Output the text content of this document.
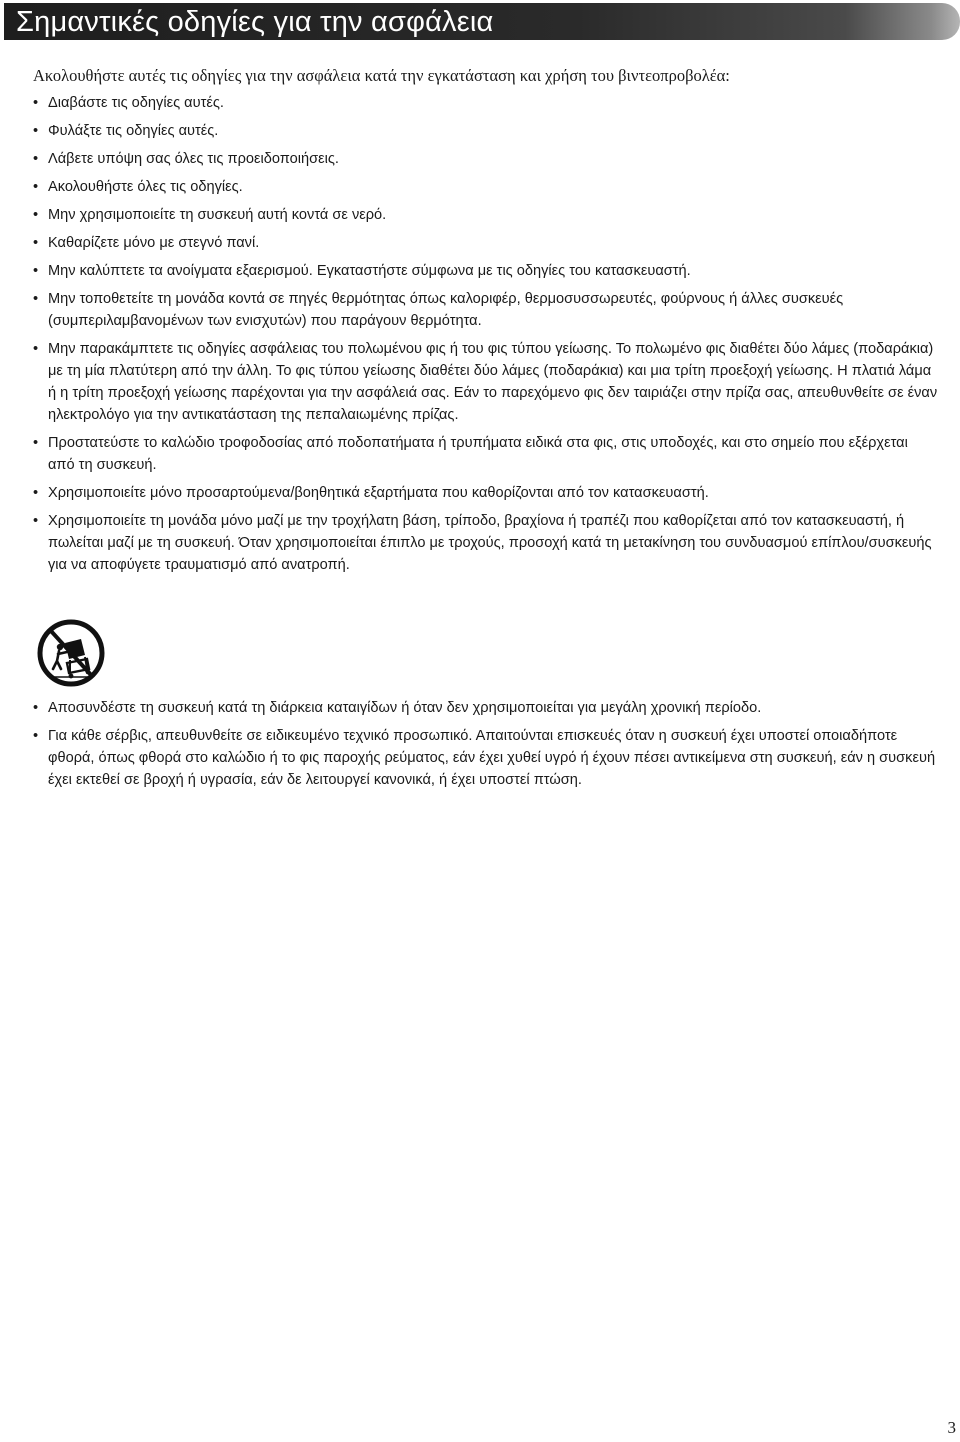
Σημαντικές οδηγίες για την ασφάλεια

Ακολουθήστε αυτές τις οδηγίες για την ασφάλεια κατά την εγκατάσταση και χρήση του βιντεοπροβολέα:

• Διαβάστε τις οδηγίες αυτές.
• Φυλάξτε τις οδηγίες αυτές.
• Λάβετε υπόψη σας όλες τις προειδοποιήσεις.
• Ακολουθήστε όλες τις οδηγίες.
• Μην χρησιμοποιείτε τη συσκευή αυτή κοντά σε νερό.
• Καθαρίζετε μόνο με στεγνό πανί.
• Μην καλύπτετε τα ανοίγματα εξαερισμού. Εγκαταστήστε σύμφωνα με τις οδηγίες του κατασκευαστή.
• Μην τοποθετείτε τη μονάδα κοντά σε πηγές θερμότητας όπως καλοριφέρ, θερμοσυσσωρευτές, φούρνους ή άλλες συσκευές (συμπεριλαμβανομένων των ενισχυτών) που παράγουν θερμότητα.
• Μην παρακάμπτετε τις οδηγίες ασφάλειας του πολωμένου φις ή του φις τύπου γείωσης. Το πολωμένο φις διαθέτει δύο λάμες (ποδαράκια) με τη μία πλατύτερη από την άλλη. Το φις τύπου γείωσης διαθέτει δύο λάμες (ποδαράκια) και μια τρίτη προεξοχή γείωσης. Η πλατιά λάμα ή η τρίτη προεξοχή γείωσης παρέχονται για την ασφάλειά σας. Εάν το παρεχόμενο φις δεν ταιριάζει στην πρίζα σας, απευθυνθείτε σε έναν ηλεκτρολόγο για την αντικατάσταση της πεπαλαιωμένης πρίζας.
• Προστατεύστε το καλώδιο τροφοδοσίας από ποδοπατήματα ή τρυπήματα ειδικά στα φις, στις υποδοχές, και στο σημείο που εξέρχεται από τη συσκευή.
• Χρησιμοποιείτε μόνο προσαρτούμενα/βοηθητικά εξαρτήματα που καθορίζονται από τον κατασκευαστή.
• Χρησιμοποιείτε τη μονάδα μόνο μαζί με την τροχήλατη βάση, τρίποδο, βραχίονα ή τραπέζι που καθορίζεται από τον κατασκευαστή, ή πωλείται μαζί με τη συσκευή. Όταν χρησιμοποιείται έπιπλο με τροχούς, προσοχή κατά τη μετακίνηση του συνδυασμού επίπλου/συσκευής για να αποφύγετε τραυματισμό από ανατροπή.
• Αποσυνδέστε τη συσκευή κατά τη διάρκεια καταιγίδων ή όταν δεν χρησιμοποιείται για μεγάλη χρονική περίοδο.
• Για κάθε σέρβις, απευθυνθείτε σε ειδικευμένο τεχνικό προσωπικό. Απαιτούνται επισκευές όταν η συσκευή έχει υποστεί οποιαδήποτε φθορά, όπως φθορά στο καλώδιο ή το φις παροχής ρεύματος, εάν έχει χυθεί υγρό ή έχουν πέσει αντικείμενα στη συσκευή, εάν η συσκευή έχει εκτεθεί σε βροχή ή υγρασία, εάν δε λειτουργεί κανονικά, ή έχει υποστεί πτώση.
3
